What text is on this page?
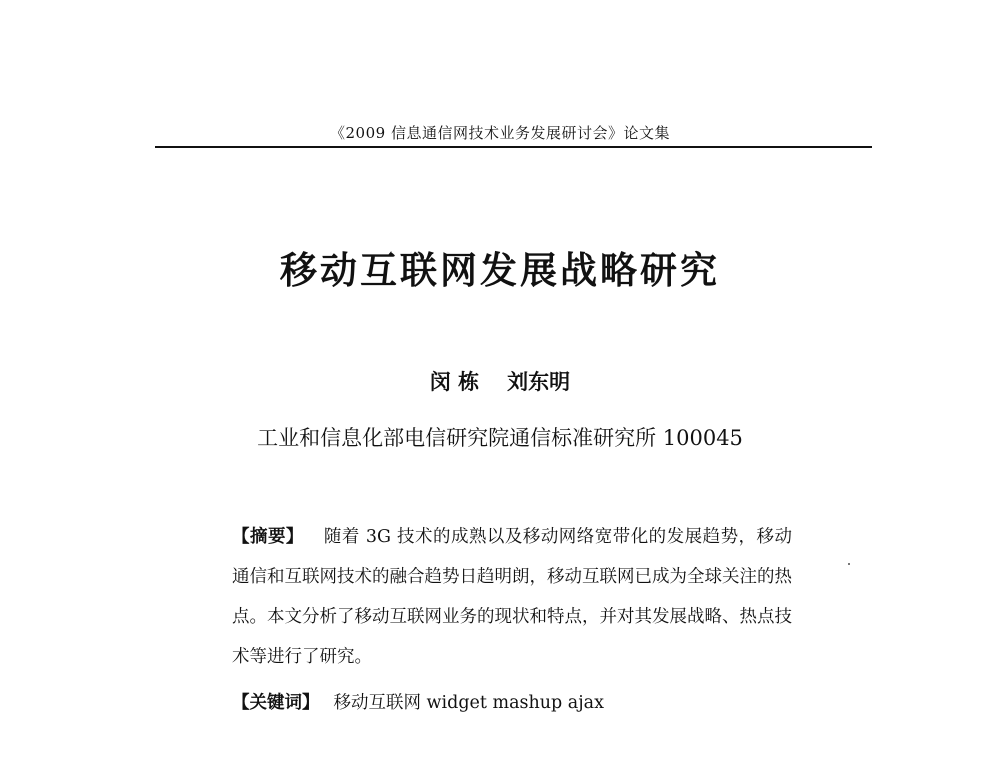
《2009 信息通信网技术业务发展研讨会》论文集
移动互联网发展战略研究
闵 栋 刘东明
工业和信息化部电信研究院通信标准研究所 100045
【摘要】 随着 3G 技术的成熟以及移动网络宽带化的发展趋势，移动通信和互联网技术的融合趋势日趋明朗，移动互联网已成为全球关注的热点。本文分析了移动互联网业务的现状和特点，并对其发展战略、热点技术等进行了研究。
【关键词】 移动互联网 widget mashup ajax
